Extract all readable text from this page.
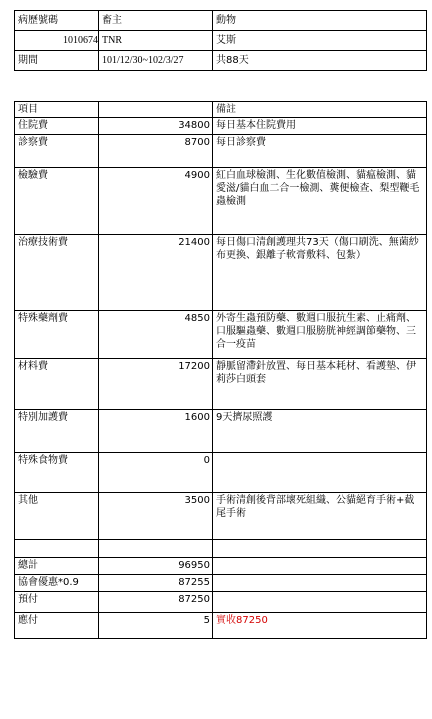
病歷號碼	畜主	動物
1010674	TNR	艾斯
期間	101/12/30~102/3/27	共88天
項目		備註
住院費	34800	每日基本住院費用
診察費	8700	每日診察費
檢驗費	4900	紅白血球檢測、生化數值檢測、貓瘟檢測、貓愛滋/貓白血二合一檢測、糞便檢查、梨型鞭毛蟲檢測
治療技術費	21400	每日傷口清創護理共73天（傷口刷洗、無菌紗布更換、銀離子軟膏敷料、包紮）
特殊藥劑費	4850	外寄生蟲預防藥、數週口服抗生素、止痛劑、口服驅蟲藥、數週口服膀胱神經調節藥物、三合一疫苗
材料費	17200	靜脈留滯針放置、每日基本耗材、看護墊、伊莉莎白頭套
特別加護費	1600	9天擠尿照護
特殊食物費	0	
其他	3500	手術清創後背部壞死組織、公貓絕育手術+截尾手術

總計	96950	
協會優惠*0.9	87255	
預付	87250	
應付	5	實收87250
